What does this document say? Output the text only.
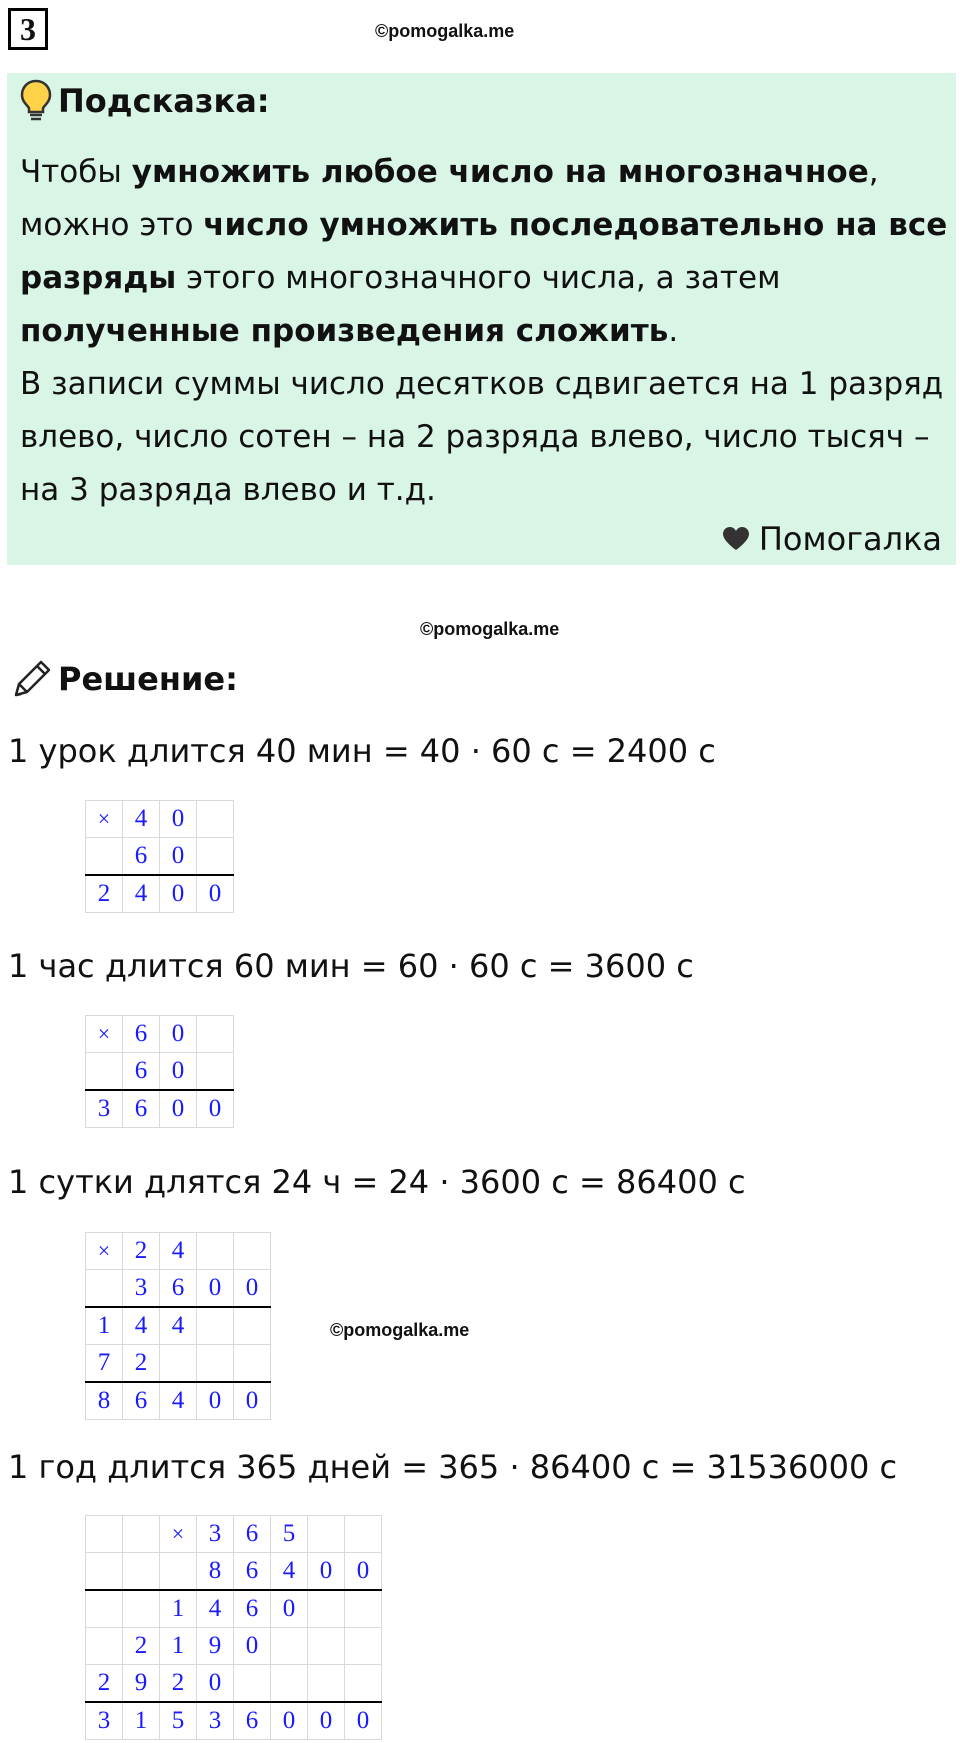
3	©pomogalka.me
Подсказка:
Чтобы умножить любое число на многозначное, можно это число умножить последовательно на все разряды этого многозначного числа, а затем полученные произведения сложить.
В записи суммы число десятков сдвигается на 1 разряд влево, число сотен – на 2 разряда влево, число тысяч – на 3 разряда влево и т.д.
Помогалка
©pomogalka.me
Решение:
1 урок длится 40 мин = 40 · 60 с = 2400 с
×	4	0	
	6	0	
2	4	0	0
1 час длится 60 мин = 60 · 60 с = 3600 с
×	6	0	
	6	0	
3	6	0	0
1 сутки длятся 24 ч = 24 · 3600 с = 86400 с
×	2	4		
	3	6	0	0
1	4	4		
7	2			
8	6	4	0	0
©pomogalka.me
1 год длится 365 дней = 365 · 86400 с = 31536000 с
		×	3	6	5		
			8	6	4	0	0
		1	4	6	0		
	2	1	9	0			
2	9	2	0				
3	1	5	3	6	0	0	0
